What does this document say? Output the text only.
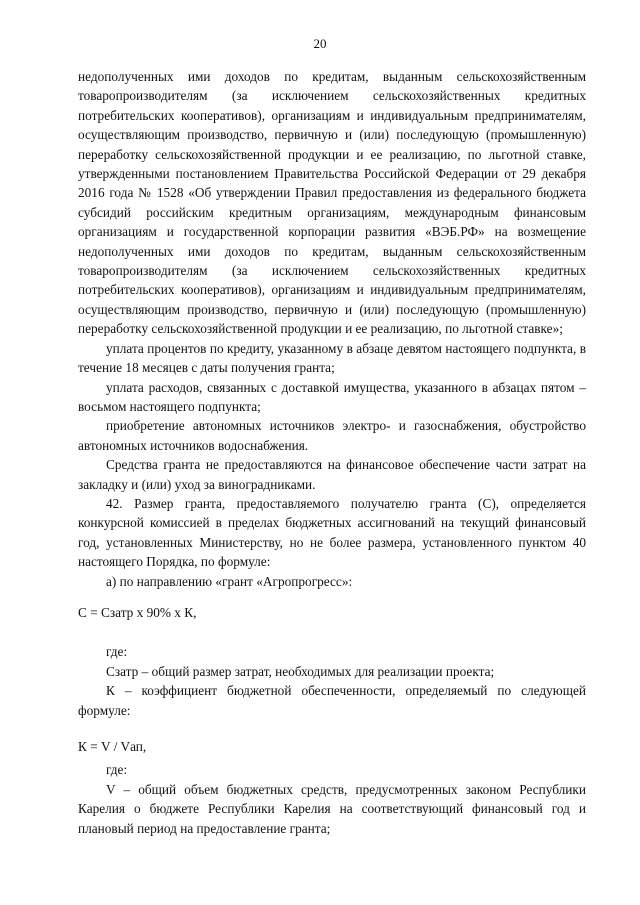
20

недополученных ими доходов по кредитам, выданным сельскохозяйственным товаропроизводителям (за исключением сельскохозяйственных кредитных потребительских кооперативов), организациям и индивидуальным предпринимателям, осуществляющим производство, первичную и (или) последующую (промышленную) переработку сельскохозяйственной продукции и ее реализацию, по льготной ставке, утвержденными постановлением Правительства Российской Федерации от 29 декабря 2016 года № 1528 «Об утверждении Правил предоставления из федерального бюджета субсидий российским кредитным организациям, международным финансовым организациям и государственной корпорации развития «ВЭБ.РФ» на возмещение недополученных ими доходов по кредитам, выданным сельскохозяйственным товаропроизводителям (за исключением сельскохозяйственных кредитных потребительских кооперативов), организациям и индивидуальным предпринимателям, осуществляющим производство, первичную и (или) последующую (промышленную) переработку сельскохозяйственной продукции и ее реализацию, по льготной ставке»;

уплата процентов по кредиту, указанному в абзаце девятом настоящего подпункта, в течение 18 месяцев с даты получения гранта;

уплата расходов, связанных с доставкой имущества, указанного в абзацах пятом – восьмом настоящего подпункта;

приобретение автономных источников электро- и газоснабжения, обустройство автономных источников водоснабжения.

Средства гранта не предоставляются на финансовое обеспечение части затрат на закладку и (или) уход за виноградниками.

42. Размер гранта, предоставляемого получателю гранта (С), определяется конкурсной комиссией в пределах бюджетных ассигнований на текущий финансовый год, установленных Министерству, но не более размера, установленного пунктом 40 настоящего Порядка, по формуле:

а) по направлению «грант «Агропрогресс»:

С = Сзатр х 90% х К,

где:

Сзатр – общий размер затрат, необходимых для реализации проекта;

К – коэффициент бюджетной обеспеченности, определяемый по следующей формуле:

К = V / Vап,

где:

V – общий объем бюджетных средств, предусмотренных законом Республики Карелия о бюджете Республики Карелия на соответствующий финансовый год и плановый период на предоставление гранта;
